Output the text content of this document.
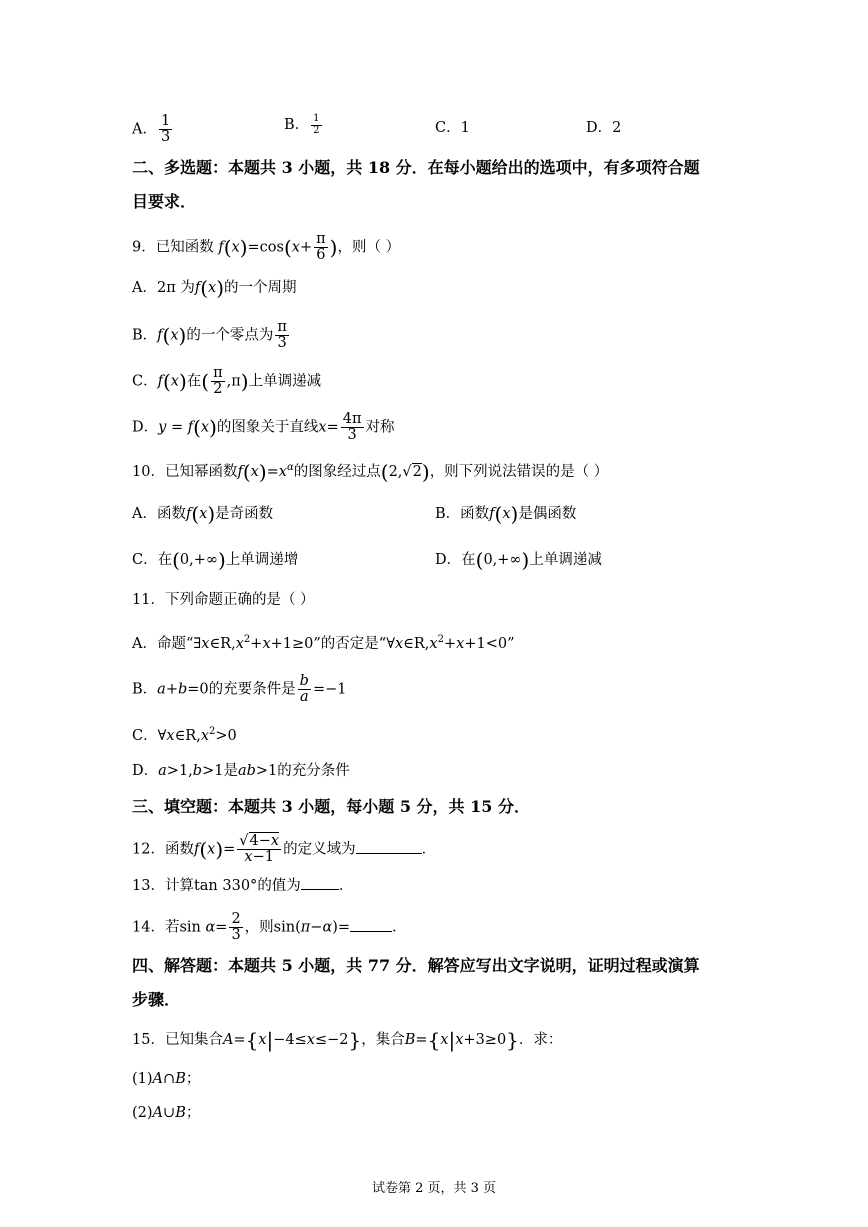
A． $\frac{1}{3}$	B． $\frac{1}{2}$	C．1	D．2
二、多选题：本题共 3 小题，共 18 分．在每小题给出的选项中，有多项符合题
目要求．
9．已知函数 $f(x)=\cos(x+ \frac{\pi}{6}$ )，则（ ）
A．2π 为f(x)的一个周期
B．f(x)的一个零点为 $\frac{\pi}{3}$
C．f(x)在( $\frac{\pi}{2} ,\pi$)上单调递减
D．y = f(x)的图象关于直线$x= \frac{4\pi}{3}$ 对称
10．已知幂函数$f(x)=x^\alpha$的图象经过点(2,√2)，则下列说法错误的是（ ）
A．函数f(x)是奇函数	B．函数f(x)是偶函数
C．在(0,+∞)上单调递增	D．在(0,+∞)上单调递减
11．下列命题正确的是（ ）
A．命题“$\exists x\in R,x^2+x+1\ge 0$”的否定是“$\forall x\in R,x^2+x+1<0$”
B．a+b=0的充要条件是 $\frac{b}{a} =-1$
C．$\forall x\in R,x^2>0$
D．a>1,b>1是ab>1的充分条件
三、填空题：本题共 3 小题，每小题 5 分，共 15 分．
12．函数$f(x)= \frac{√4-x}{x-1}$ 的定义域为	．
13．计算tan 330°的值为	．
14．若$\sin \alpha= \frac{2}{3}$ ，则sin(π−α)=	．
四、解答题：本题共 5 小题，共 77 分．解答应写出文字说明，证明过程或演算
步骤．
15．已知集合A={x|−4≤x≤−2}，集合B={x|x+3≥0}．求：
(1)A∩B；
(2)A∪B；
试卷第 2 页，共 3 页
